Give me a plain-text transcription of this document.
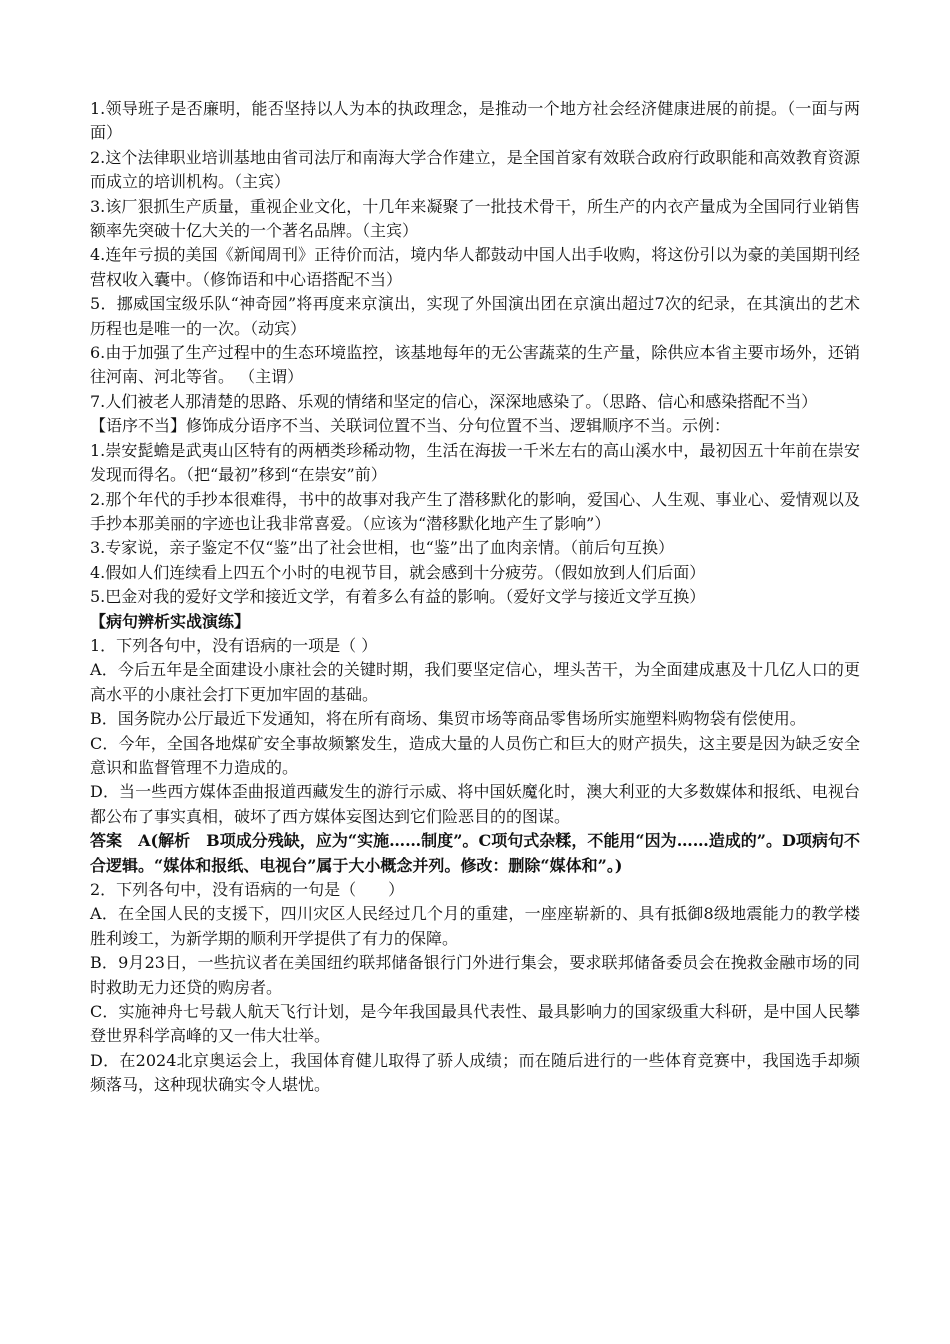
1.领导班子是否廉明，能否坚持以人为本的执政理念，是推动一个地方社会经济健康进展的前提。（一面与两面）

2.这个法律职业培训基地由省司法厅和南海大学合作建立，是全国首家有效联合政府行政职能和高效教育资源而成立的培训机构。（主宾）

3.该厂狠抓生产质量，重视企业文化，十几年来凝聚了一批技术骨干，所生产的内衣产量成为全国同行业销售额率先突破十亿大关的一个著名品牌。（主宾）

4.连年亏损的美国《新闻周刊》正待价而沽，境内华人都鼓动中国人出手收购，将这份引以为豪的美国期刊经营权收入囊中。（修饰语和中心语搭配不当）

5．挪威国宝级乐队“神奇园”将再度来京演出，实现了外国演出团在京演出超过7次的纪录，在其演出的艺术历程也是唯一的一次。（动宾）

6.由于加强了生产过程中的生态环境监控，该基地每年的无公害蔬菜的生产量，除供应本省主要市场外，还销往河南、河北等省。 （主谓）

7.人们被老人那清楚的思路、乐观的情绪和坚定的信心，深深地感染了。（思路、信心和感染搭配不当）

【语序不当】修饰成分语序不当、关联词位置不当、分句位置不当、逻辑顺序不当。示例：

1.崇安髭蟾是武夷山区特有的两栖类珍稀动物，生活在海拔一千米左右的高山溪水中，最初因五十年前在崇安发现而得名。（把“最初”移到“在崇安”前）

2.那个年代的手抄本很难得，书中的故事对我产生了潜移默化的影响，爱国心、人生观、事业心、爱情观以及手抄本那美丽的字迹也让我非常喜爱。（应该为“潜移默化地产生了影响”）

3.专家说，亲子鉴定不仅“鉴”出了社会世相，也“鉴”出了血肉亲情。（前后句互换）

4.假如人们连续看上四五个小时的电视节目，就会感到十分疲劳。（假如放到人们后面）

5.巴金对我的爱好文学和接近文学，有着多么有益的影响。（爱好文学与接近文学互换）

【病句辨析实战演练】

1．下列各句中，没有语病的一项是（ ）

A．今后五年是全面建设小康社会的关键时期，我们要坚定信心，埋头苦干，为全面建成惠及十几亿人口的更高水平的小康社会打下更加牢固的基础。

B．国务院办公厅最近下发通知，将在所有商场、集贸市场等商品零售场所实施塑料购物袋有偿使用。

C．今年，全国各地煤矿安全事故频繁发生，造成大量的人员伤亡和巨大的财产损失，这主要是因为缺乏安全意识和监督管理不力造成的。

D．当一些西方媒体歪曲报道西藏发生的游行示威、将中国妖魔化时，澳大利亚的大多数媒体和报纸、电视台都公布了事实真相，破坏了西方媒体妄图达到它们险恶目的的图谋。

答案　A(解析　B项成分残缺，应为“实施……制度”。C项句式杂糅，不能用“因为……造成的”。D项病句不合逻辑。“媒体和报纸、电视台”属于大小概念并列。修改：删除“媒体和”。)

2．下列各句中，没有语病的一句是（　　）

A．在全国人民的支援下，四川灾区人民经过几个月的重建，一座座崭新的、具有抵御8级地震能力的教学楼胜利竣工，为新学期的顺利开学提供了有力的保障。

B．9月23日，一些抗议者在美国纽约联邦储备银行门外进行集会，要求联邦储备委员会在挽救金融市场的同时救助无力还贷的购房者。

C．实施神舟七号载人航天飞行计划，是今年我国最具代表性、最具影响力的国家级重大科研，是中国人民攀登世界科学高峰的又一伟大壮举。

D．在2024北京奥运会上，我国体育健儿取得了骄人成绩；而在随后进行的一些体育竞赛中，我国选手却频频落马，这种现状确实令人堪忧。
